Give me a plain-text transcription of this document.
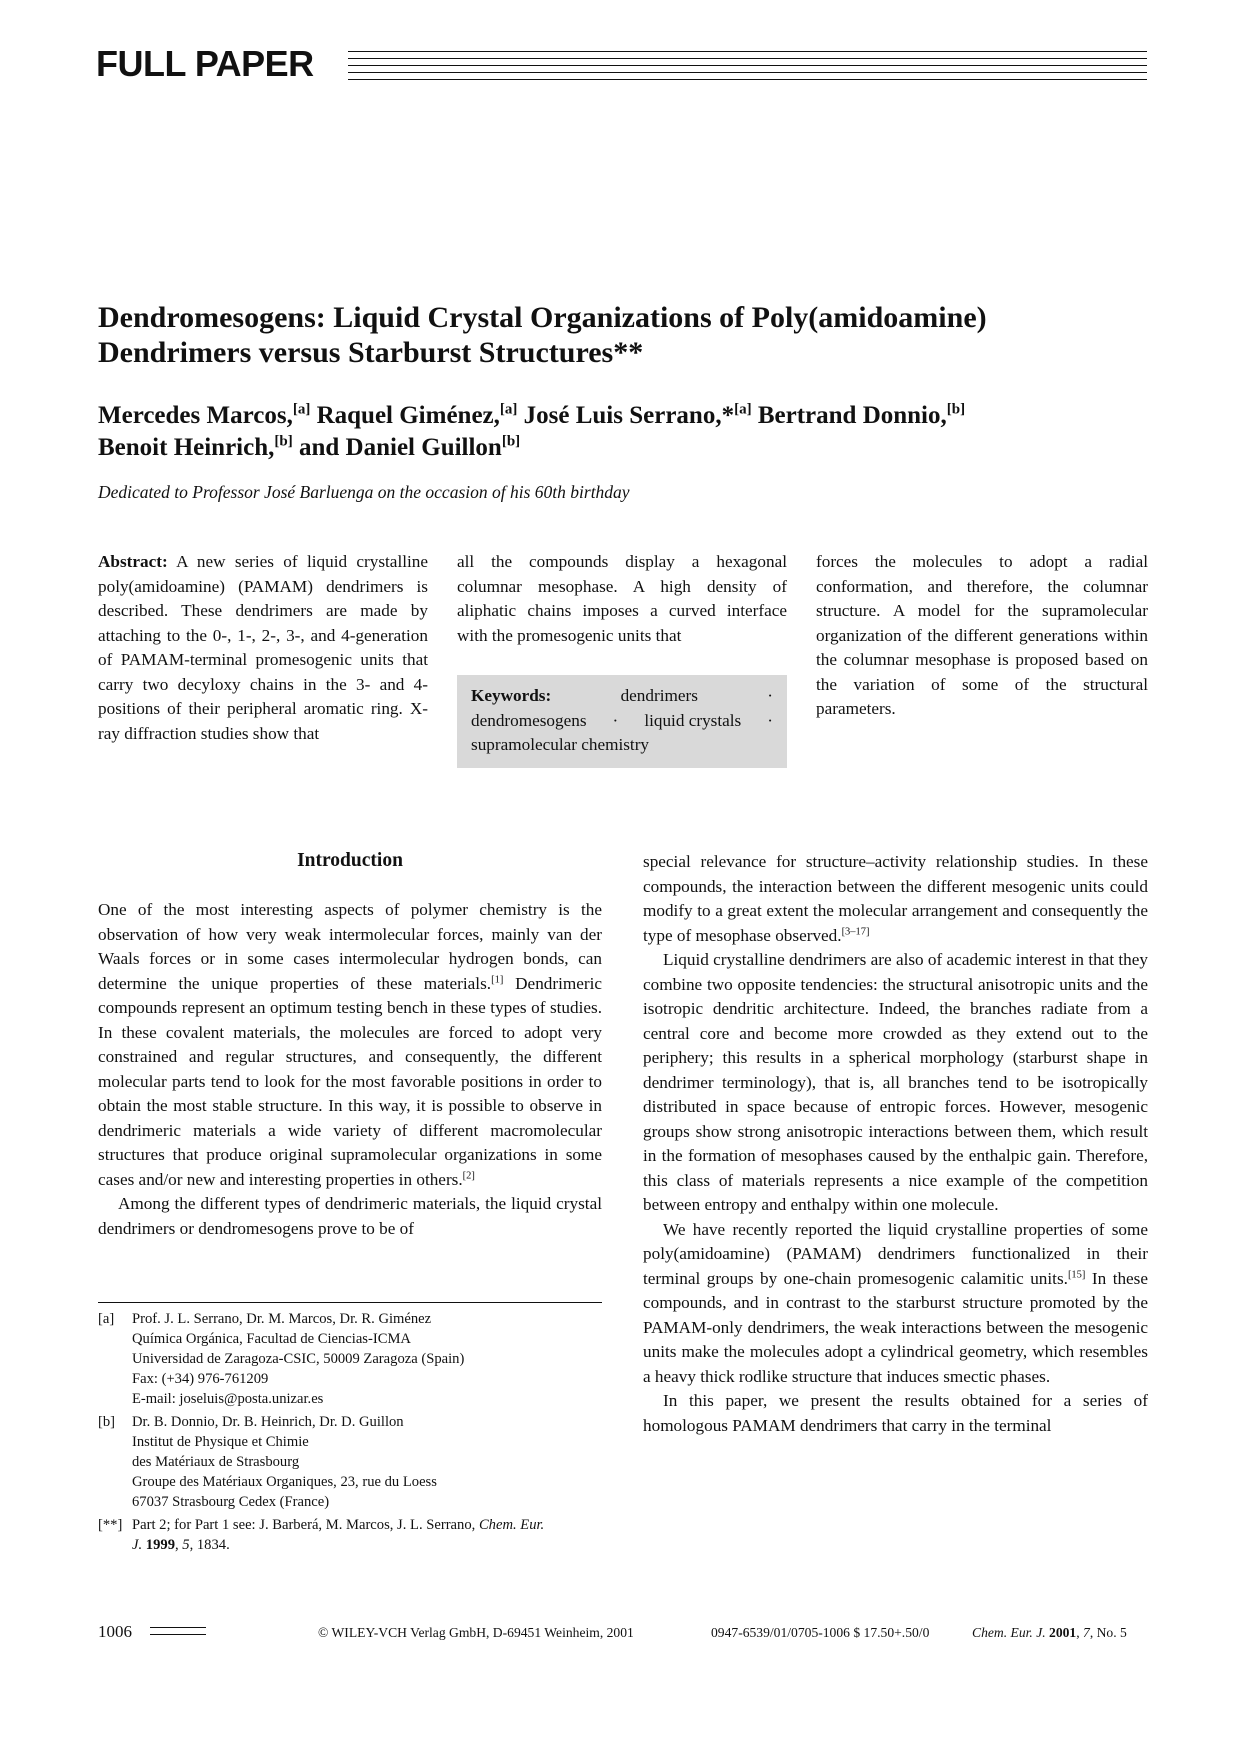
FULL PAPER
Dendromesogens: Liquid Crystal Organizations of Poly(amidoamine)
Dendrimers versus Starburst Structures**
Mercedes Marcos,[a] Raquel Giménez,[a] José Luis Serrano,*[a] Bertrand Donnio,[b]
Benoit Heinrich,[b] and Daniel Guillon[b]
Dedicated to Professor José Barluenga on the occasion of his 60th birthday
Abstract: A new series of liquid crystalline poly(amidoamine) (PAMAM) dendrimers is described. These dendrimers are made by attaching to the 0-, 1-, 2-, 3-, and 4-generation of PAMAM-terminal promesogenic units that carry two decyloxy chains in the 3- and 4-positions of their peripheral aromatic ring. X-ray diffraction studies show that
all the compounds display a hexagonal columnar mesophase. A high density of aliphatic chains imposes a curved interface with the promesogenic units that
Keywords:	dendrimers	·
dendromesogens · liquid crystals ·
supramolecular chemistry
forces the molecules to adopt a radial conformation, and therefore, the columnar structure. A model for the supramolecular organization of the different generations within the columnar mesophase is proposed based on the variation of some of the structural parameters.
Introduction

One of the most interesting aspects of polymer chemistry is the observation of how very weak intermolecular forces, mainly van der Waals forces or in some cases intermolecular hydrogen bonds, can determine the unique properties of these materials.[1] Dendrimeric compounds represent an optimum testing bench in these types of studies. In these covalent materials, the molecules are forced to adopt very constrained and regular structures, and consequently, the different molecular parts tend to look for the most favorable positions in order to obtain the most stable structure. In this way, it is possible to observe in dendrimeric materials a wide variety of different macromolecular structures that produce original supramolecular organizations in some cases and/or new and interesting properties in others.[2]

Among the different types of dendrimeric materials, the liquid crystal dendrimers or dendromesogens prove to be of

[a]	Prof. J. L. Serrano, Dr. M. Marcos, Dr. R. Giménez
Química Orgánica, Facultad de Ciencias-ICMA
Universidad de Zaragoza-CSIC, 50009 Zaragoza (Spain)
Fax: (+34) 976-761209
E-mail: joseluis@posta.unizar.es
[b]	Dr. B. Donnio, Dr. B. Heinrich, Dr. D. Guillon
Institut de Physique et Chimie
des Matériaux de Strasbourg
Groupe des Matériaux Organiques, 23, rue du Loess
67037 Strasbourg Cedex (France)
[**] Part 2; for Part 1 see: J. Barberá, M. Marcos, J. L. Serrano, Chem. Eur.
J. 1999, 5, 1834.

special relevance for structure–activity relationship studies. In these compounds, the interaction between the different mesogenic units could modify to a great extent the molecular arrangement and consequently the type of mesophase observed.[3–17]

Liquid crystalline dendrimers are also of academic interest in that they combine two opposite tendencies: the structural anisotropic units and the isotropic dendritic architecture. Indeed, the branches radiate from a central core and become more crowded as they extend out to the periphery; this results in a spherical morphology (starburst shape in dendrimer terminology), that is, all branches tend to be isotropically distributed in space because of entropic forces. However, mesogenic groups show strong anisotropic interactions between them, which result in the formation of mesophases caused by the enthalpic gain. Therefore, this class of materials represents a nice example of the competition between entropy and enthalpy within one molecule.

We have recently reported the liquid crystalline properties of some poly(amidoamine) (PAMAM) dendrimers functionalized in their terminal groups by one-chain promesogenic calamitic units.[15] In these compounds, and in contrast to the starburst structure promoted by the PAMAM-only dendrimers, the weak interactions between the mesogenic units make the molecules adopt a cylindrical geometry, which resembles a heavy thick rodlike structure that induces smectic phases.

In this paper, we present the results obtained for a series of homologous PAMAM dendrimers that carry in the terminal

1006	© WILEY-VCH Verlag GmbH, D-69451 Weinheim, 2001	0947-6539/01/0705-1006 $ 17.50+.50/0	Chem. Eur. J. 2001, 7, No. 5
